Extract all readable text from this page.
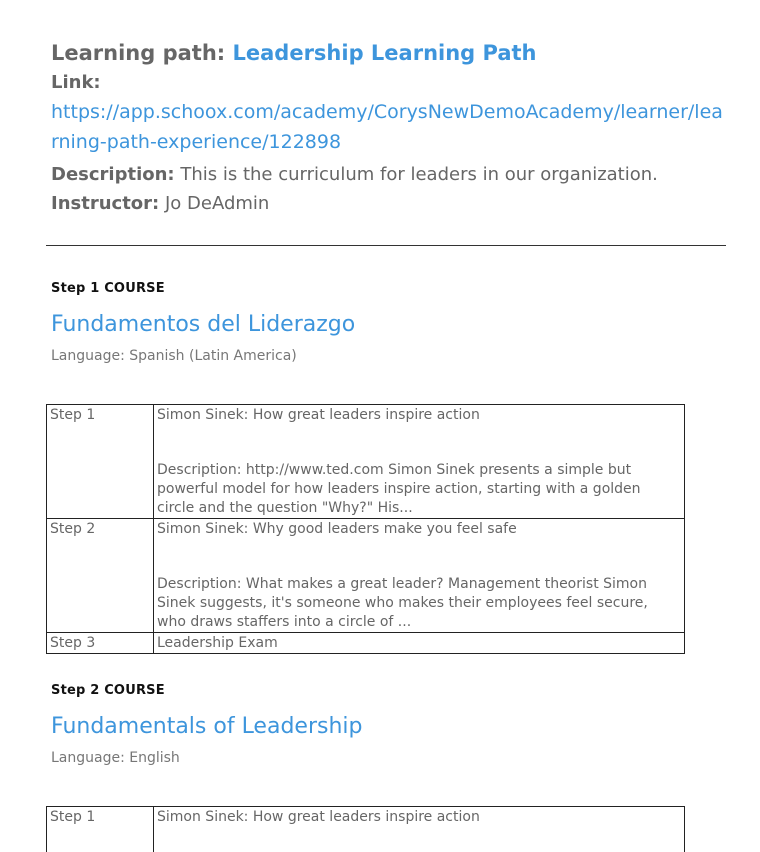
Learning path: Leadership Learning Path

Link:

https://app.schoox.com/academy/CorysNewDemoAcademy/learner/learning-path-experience/122898

Description: This is the curriculum for leaders in our organization.

Instructor: Jo DeAdmin

Step 1 COURSE

Fundamentos del Liderazgo

Language: Spanish (Latin America)

Step 1	Simon Sinek: How great leaders inspire action
Description: http://www.ted.com Simon Sinek presents a simple but powerful model for how leaders inspire action, starting with a golden circle and the question "Why?" His...

Step 2	Simon Sinek: Why good leaders make you feel safe
Description: What makes a great leader? Management theorist Simon Sinek suggests, it's someone who makes their employees feel secure, who draws staffers into a circle of ...

Step 3	Leadership Exam

Step 2 COURSE

Fundamentals of Leadership

Language: English

Step 1	Simon Sinek: How great leaders inspire action
